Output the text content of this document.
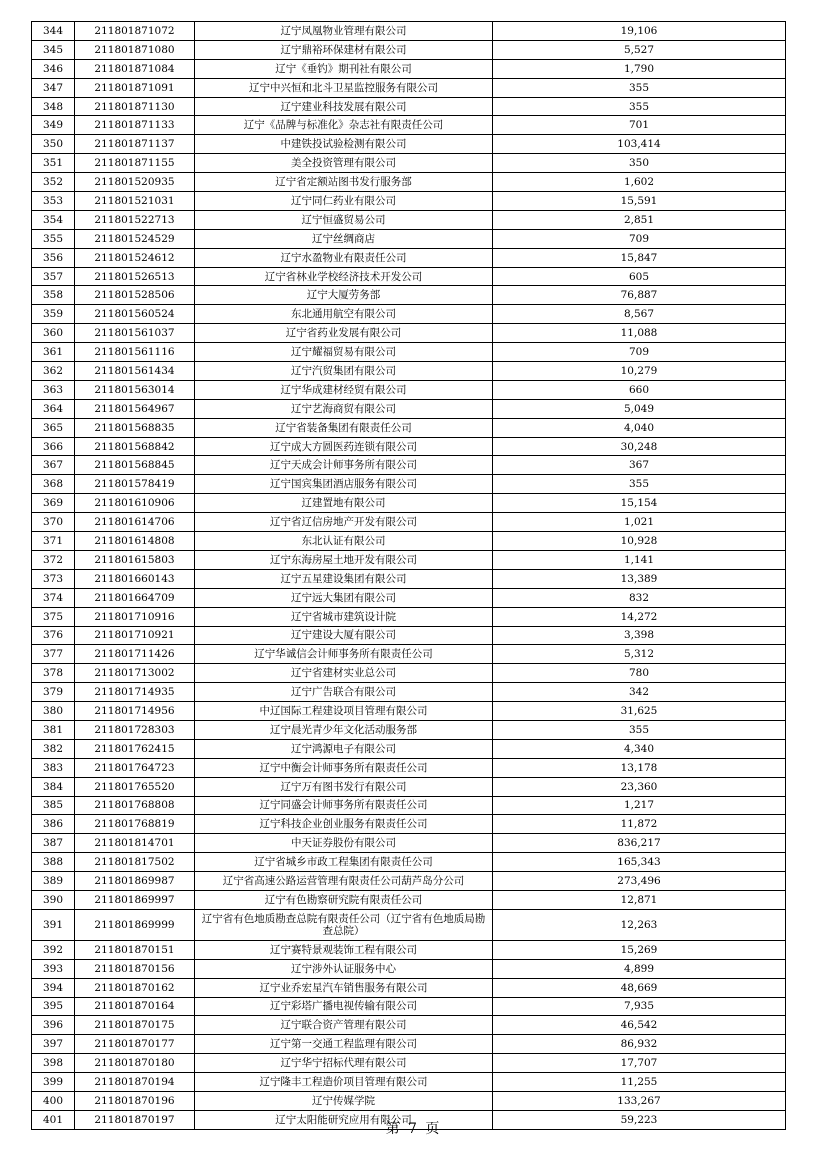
344	211801871072	辽宁凤凰物业管理有限公司	19,106
345	211801871080	辽宁鼎裕环保建材有限公司	5,527
346	211801871084	辽宁《垂钓》期刊社有限公司	1,790
347	211801871091	辽宁中兴恒和北斗卫星监控服务有限公司	355
348	211801871130	辽宁建业科技发展有限公司	355
349	211801871133	辽宁《品牌与标准化》杂志社有限责任公司	701
350	211801871137	中建铁投试验检测有限公司	103,414
351	211801871155	美全投资管理有限公司	350
352	211801520935	辽宁省定额站图书发行服务部	1,602
353	211801521031	辽宁同仁药业有限公司	15,591
354	211801522713	辽宁恒盛贸易公司	2,851
355	211801524529	辽宁丝绸商店	709
356	211801524612	辽宁水盈物业有限责任公司	15,847
357	211801526513	辽宁省林业学校经济技术开发公司	605
358	211801528506	辽宁大厦劳务部	76,887
359	211801560524	东北通用航空有限公司	8,567
360	211801561037	辽宁省药业发展有限公司	11,088
361	211801561116	辽宁耀福贸易有限公司	709
362	211801561434	辽宁汽贸集团有限公司	10,279
363	211801563014	辽宁华成建材经贸有限公司	660
364	211801564967	辽宁艺海商贸有限公司	5,049
365	211801568835	辽宁省装备集团有限责任公司	4,040
366	211801568842	辽宁成大方圆医药连锁有限公司	30,248
367	211801568845	辽宁天成会计师事务所有限公司	367
368	211801578419	辽宁国宾集团酒店服务有限公司	355
369	211801610906	辽建置地有限公司	15,154
370	211801614706	辽宁省辽信房地产开发有限公司	1,021
371	211801614808	东北认证有限公司	10,928
372	211801615803	辽宁东海房屋土地开发有限公司	1,141
373	211801660143	辽宁五星建设集团有限公司	13,389
374	211801664709	辽宁远大集团有限公司	832
375	211801710916	辽宁省城市建筑设计院	14,272
376	211801710921	辽宁建设大厦有限公司	3,398
377	211801711426	辽宁华诚信会计师事务所有限责任公司	5,312
378	211801713002	辽宁省建材实业总公司	780
379	211801714935	辽宁广告联合有限公司	342
380	211801714956	中辽国际工程建设项目管理有限公司	31,625
381	211801728303	辽宁晨光青少年文化活动服务部	355
382	211801762415	辽宁鸿源电子有限公司	4,340
383	211801764723	辽宁中衡会计师事务所有限责任公司	13,178
384	211801765520	辽宁万有图书发行有限公司	23,360
385	211801768808	辽宁同盛会计师事务所有限责任公司	1,217
386	211801768819	辽宁科技企业创业服务有限责任公司	11,872
387	211801814701	中天证券股份有限公司	836,217
388	211801817502	辽宁省城乡市政工程集团有限责任公司	165,343
389	211801869987	辽宁省高速公路运营管理有限责任公司葫芦岛分公司	273,496
390	211801869997	辽宁有色勘察研究院有限责任公司	12,871
391	211801869999	辽宁省有色地质勘查总院有限责任公司（辽宁省有色地质局勘查总院）	12,263
392	211801870151	辽宁赛特景观装饰工程有限公司	15,269
393	211801870156	辽宁涉外认证服务中心	4,899
394	211801870162	辽宁业乔宏星汽车销售服务有限公司	48,669
395	211801870164	辽宁彩塔广播电视传输有限公司	7,935
396	211801870175	辽宁联合资产管理有限公司	46,542
397	211801870177	辽宁第一交通工程监理有限公司	86,932
398	211801870180	辽宁华宁招标代理有限公司	17,707
399	211801870194	辽宁隆丰工程造价项目管理有限公司	11,255
400	211801870196	辽宁传媒学院	133,267
401	211801870197	辽宁太阳能研究应用有限公司	59,223
第 7 页
